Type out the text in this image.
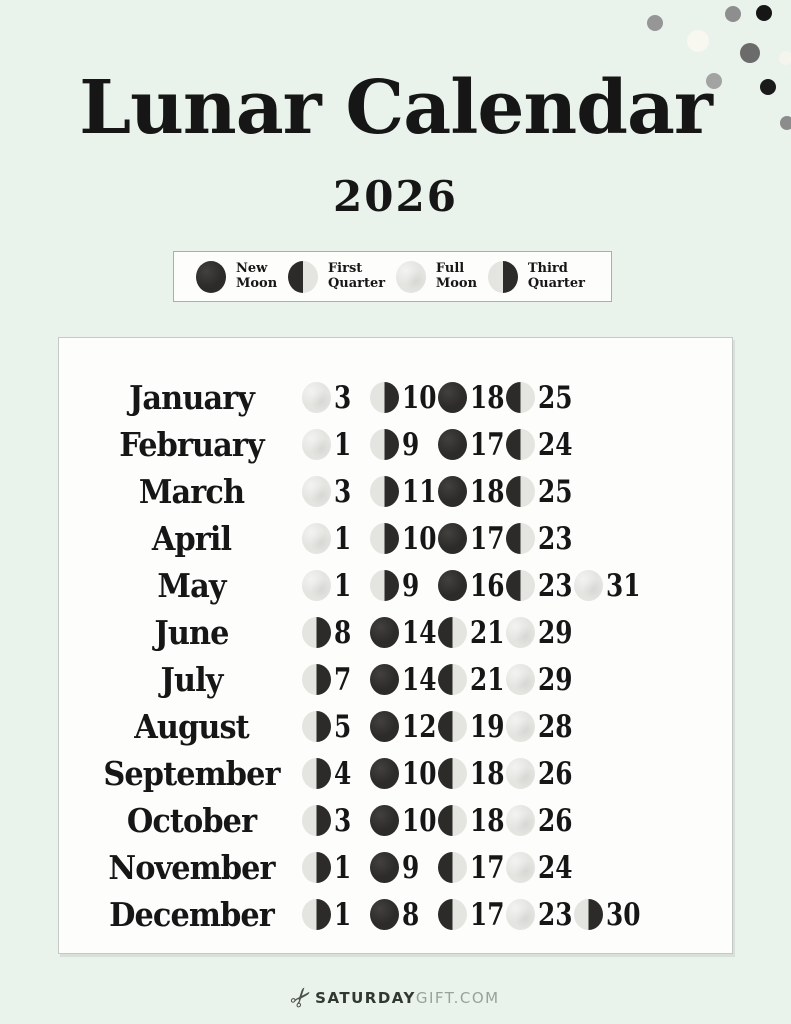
Lunar Calendar
2026
New
Moon
First
Quarter
Full
Moon
Third
Quarter
January	3 10 18 25
February	1 9 17 24
March	3 11 18 25
April	1 10 17 23
May	1 9 16 23 31
June	8 14 21 29
July	7 14 21 29
August	5 12 19 28
September 4 10 18 26
October	3 10 18 26
November	1 9 17 24
December	1 8 17 23 30
✂
SATURDAY GIFT.COM
